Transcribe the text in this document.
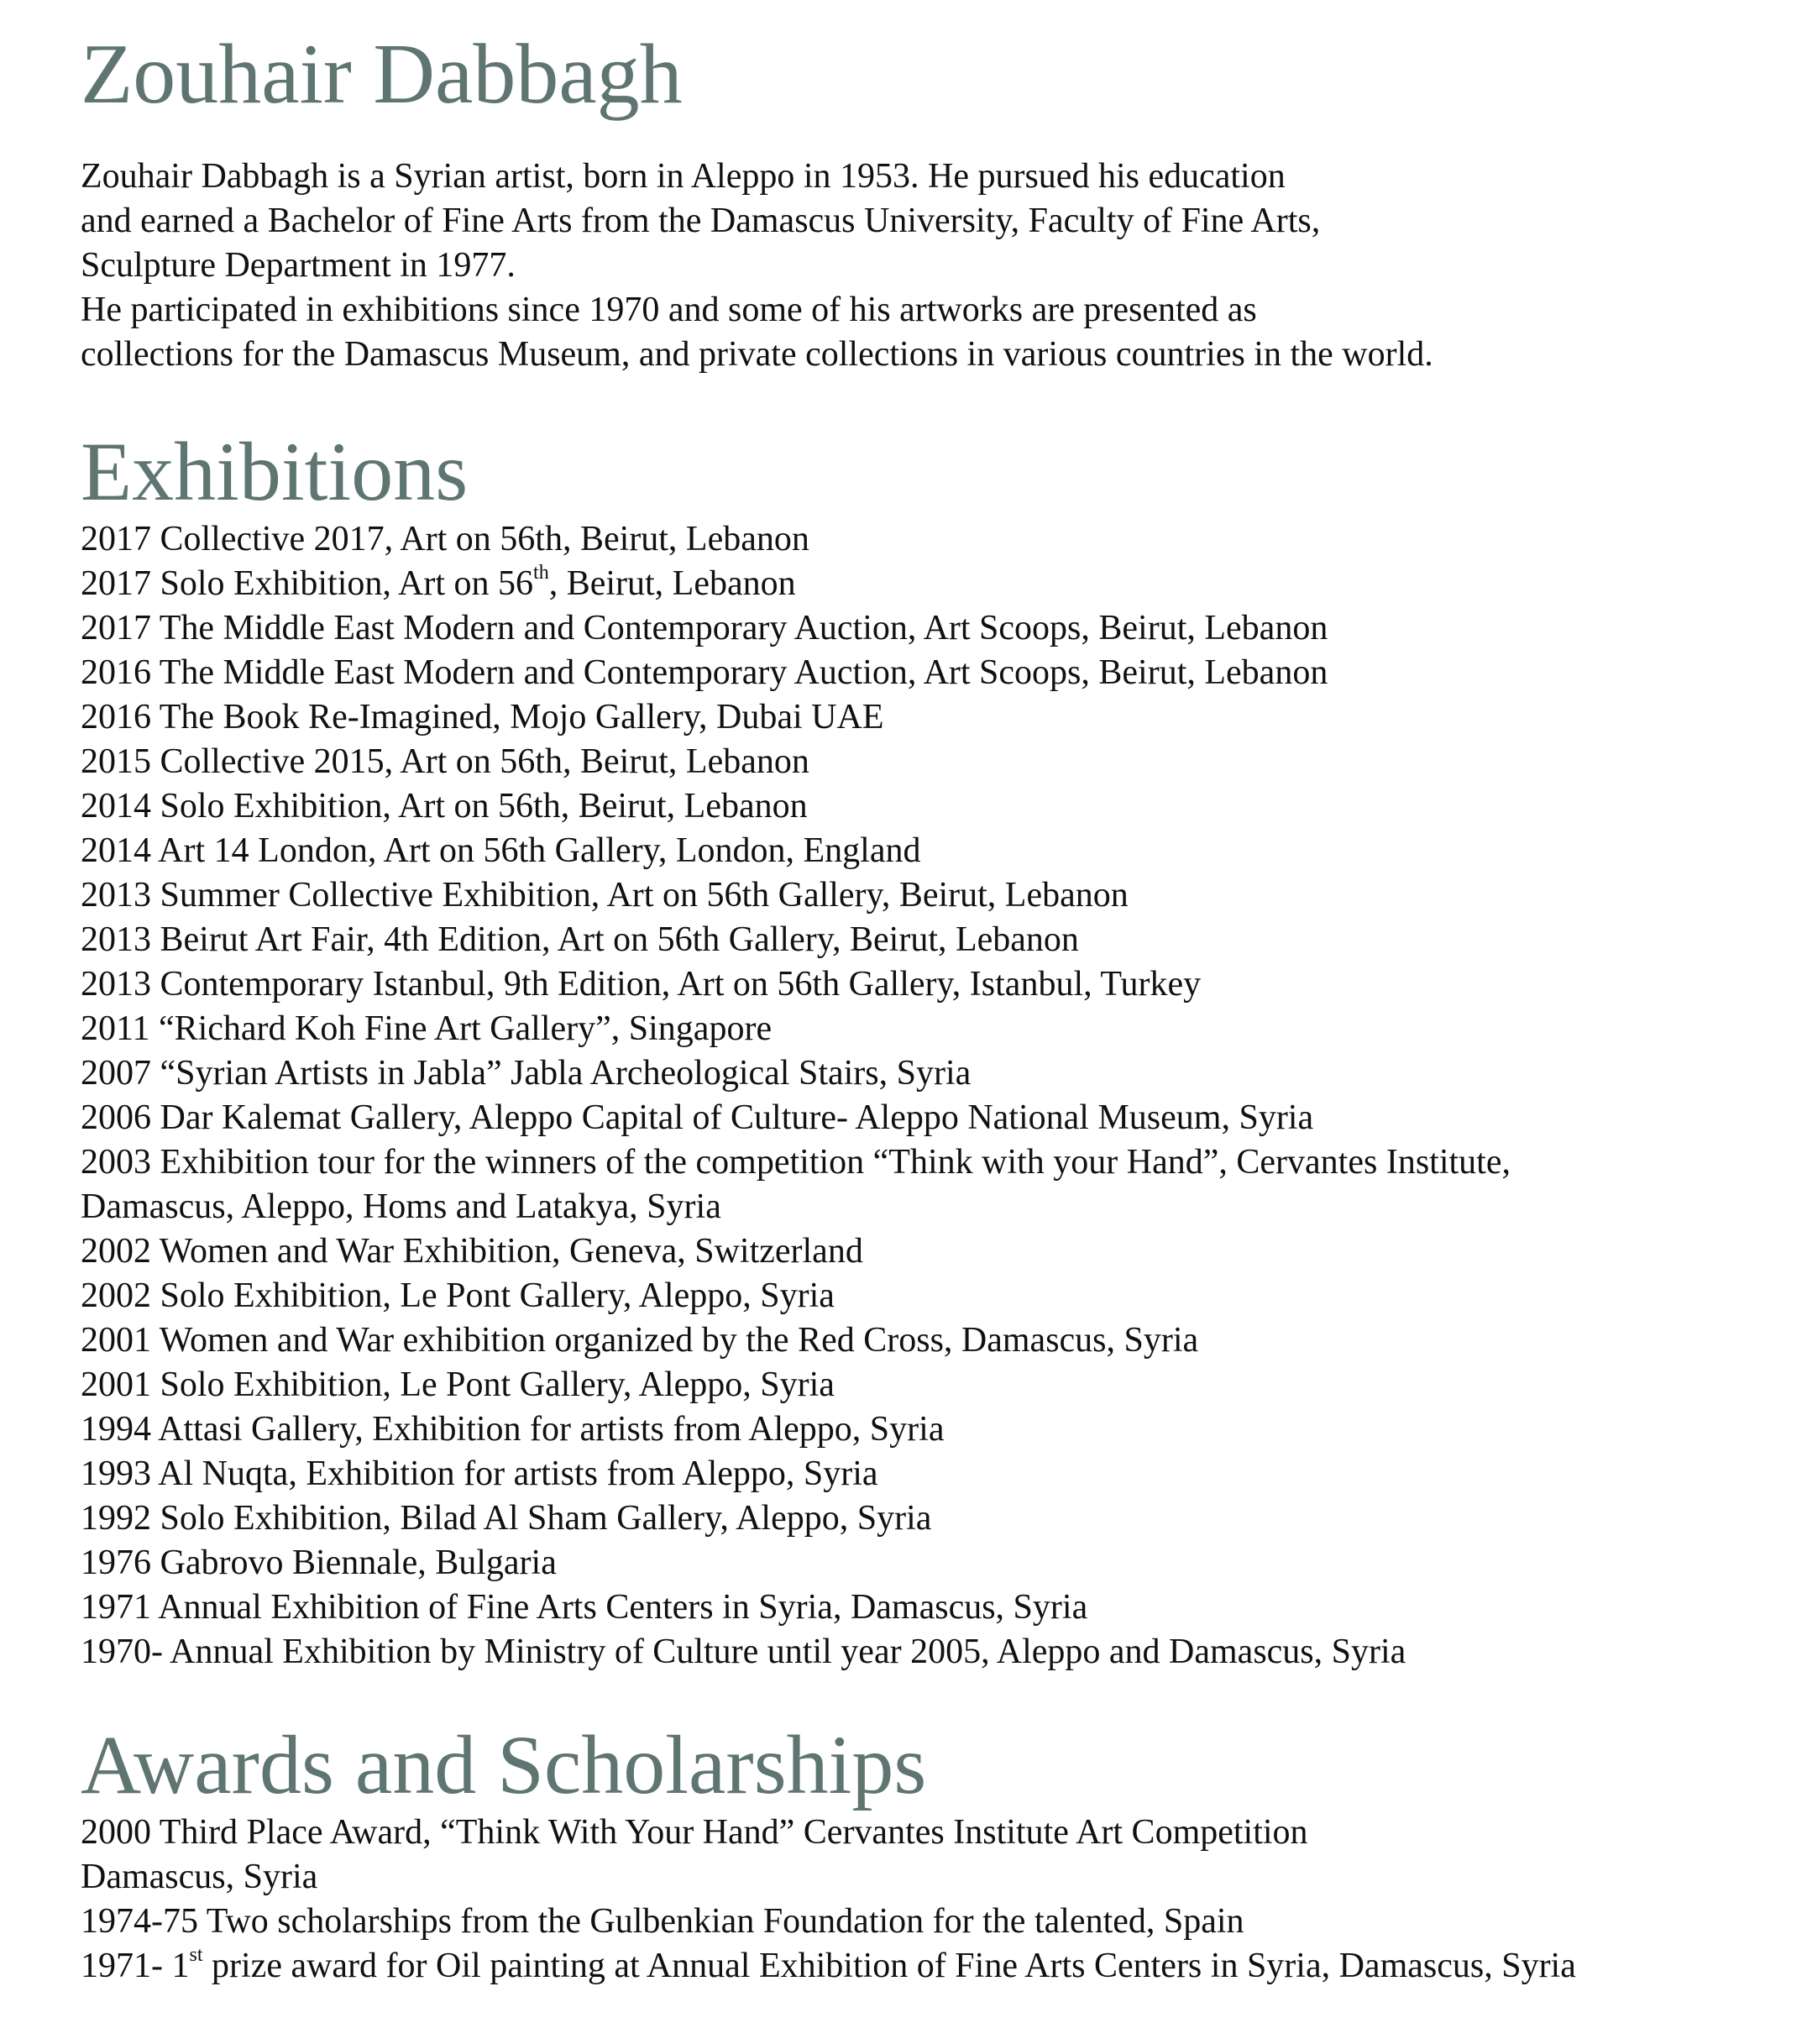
Zouhair Dabbagh
Zouhair Dabbagh is a Syrian artist, born in Aleppo in 1953. He pursued his education
and earned a Bachelor of Fine Arts from the Damascus University, Faculty of Fine Arts,
Sculpture Department in 1977.
He participated in exhibitions since 1970 and some of his artworks are presented as
collections for the Damascus Museum, and private collections in various countries in the world.
Exhibitions
2017 Collective 2017, Art on 56th, Beirut, Lebanon
2017 Solo Exhibition, Art on 56th, Beirut, Lebanon
2017 The Middle East Modern and Contemporary Auction, Art Scoops, Beirut, Lebanon
2016 The Middle East Modern and Contemporary Auction, Art Scoops, Beirut, Lebanon
2016 The Book Re-Imagined, Mojo Gallery, Dubai UAE
2015 Collective 2015, Art on 56th, Beirut, Lebanon
2014 Solo Exhibition, Art on 56th, Beirut, Lebanon
2014 Art 14 London, Art on 56th Gallery, London, England
2013 Summer Collective Exhibition, Art on 56th Gallery, Beirut, Lebanon
2013 Beirut Art Fair, 4th Edition, Art on 56th Gallery, Beirut, Lebanon
2013 Contemporary Istanbul, 9th Edition, Art on 56th Gallery, Istanbul, Turkey
2011 “Richard Koh Fine Art Gallery”, Singapore
2007 “Syrian Artists in Jabla” Jabla Archeological Stairs, Syria
2006 Dar Kalemat Gallery, Aleppo Capital of Culture- Aleppo National Museum, Syria
2003 Exhibition tour for the winners of the competition “Think with your Hand”, Cervantes Institute,
Damascus, Aleppo, Homs and Latakya, Syria
2002 Women and War Exhibition, Geneva, Switzerland
2002 Solo Exhibition, Le Pont Gallery, Aleppo, Syria
2001 Women and War exhibition organized by the Red Cross, Damascus, Syria
2001 Solo Exhibition, Le Pont Gallery, Aleppo, Syria
1994 Attasi Gallery, Exhibition for artists from Aleppo, Syria
1993 Al Nuqta, Exhibition for artists from Aleppo, Syria
1992 Solo Exhibition, Bilad Al Sham Gallery, Aleppo, Syria
1976 Gabrovo Biennale, Bulgaria
1971 Annual Exhibition of Fine Arts Centers in Syria, Damascus, Syria
1970- Annual Exhibition by Ministry of Culture until year 2005, Aleppo and Damascus, Syria
Awards and Scholarships
2000 Third Place Award, “Think With Your Hand” Cervantes Institute Art Competition
Damascus, Syria
1974-75 Two scholarships from the Gulbenkian Foundation for the talented, Spain
1971- 1st prize award for Oil painting at Annual Exhibition of Fine Arts Centers in Syria, Damascus, Syria
